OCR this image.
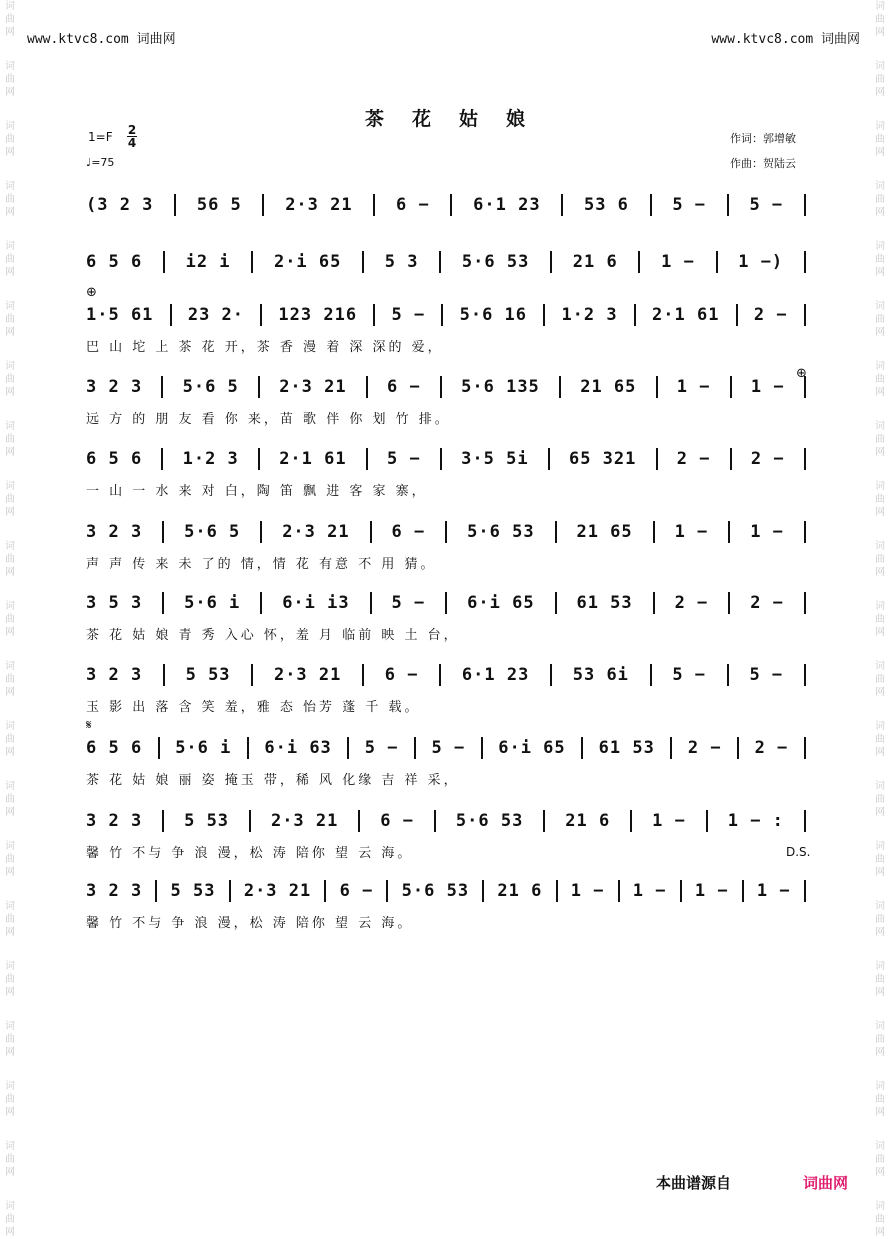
词
曲
网
词
曲
网
词
曲
网
词
曲
网
词
曲
网
词
曲
网
词
曲
网
词
曲
网
词
曲
网
词
曲
网
词
曲
网
词
曲
网
词
曲
网
词
曲
网
词
曲
网
词
曲
网
词
曲
网
词
曲
网
词
曲
网
词
曲
网
词
曲
网
词
曲
网
词
曲
网
词
曲
网
词
曲
网
词
曲
网
词
曲
网
词
曲
网
词
曲
网
词
曲
网
词
曲
网
词
曲
网
词
曲
网
词
曲
网
词
曲
网
词
曲
网
词
曲
网
词
曲
网
词
曲
网
词
曲
网
词
曲
网
词
曲
网
www.ktvc8.com 词曲网	www.ktvc8.com 词曲网
茶花姑娘
1=F 2
4
♩=75
作词：郭增敏
作曲：贺陆云
(3 2 3	56 5	2·3 21	6 −	6·1 23	53 6	5 −	5 −
6 5 6	i2 i	2·i 65	5 3	5·6 53	21 6	1 −	1 −)
1·5 61 23 2· 123 216 5 − 5·6 16 1·2 3 2·1 61 2 −
巴 山 坨 上 茶 花 开，茶 香 漫 着 深 深的 爱，
3 2 3 5·6 5 2·3 21 6 − 5·6 135 21 65 1 − 1 −
远 方 的 朋 友 看 你 来，苗 歌 伴 你 划 竹 排。
6 5 6 1·2 3 2·1 61 5 − 3·5 5i 65 321 2 − 2 −
一 山 一 水 来 对 白，陶 笛 飘 进 客 家 寨，
3 2 3 5·6 5 2·3 21 6 − 5·6 53 21 65 1 − 1 −
声 声 传 来 未 了的 情，情 花 有意 不 用 猜。
3 5 3 5·6 i 6·i i3 5 − 6·i 65 61 53 2 − 2 −
茶 花 姑 娘 青 秀 入心 怀，羞 月 临前 映 土 台，
3 2 3	5 53	2·3 21	6 −	6·1 23	53 6i	5 −	5 −
玉 影 出 落 含 笑 羞，雅 态 怡芳 蓬 千 载。
6 5 6 5·6 i 6·i 63 5 − 5 − 6·i 65 61 53 2 − 2 −
茶 花 姑 娘 丽 姿 掩玉 带，稀 风 化缘 吉 祥 采，
3 2 3 5 53 2·3 21 6 − 5·6 53 21 6 1 − 1 − :
馨 竹 不与 争 浪 漫，松 涛 陪你 望 云 海。
3 2 3 5 53 2·3 21 6 − 5·6 53 21 6 1 − 1 − 1 − 1 −
馨 竹 不与 争 浪 漫，松 涛 陪你 望 云 海。
⊕
⊕
𝄋
D.S.
本曲谱源自	词曲网
